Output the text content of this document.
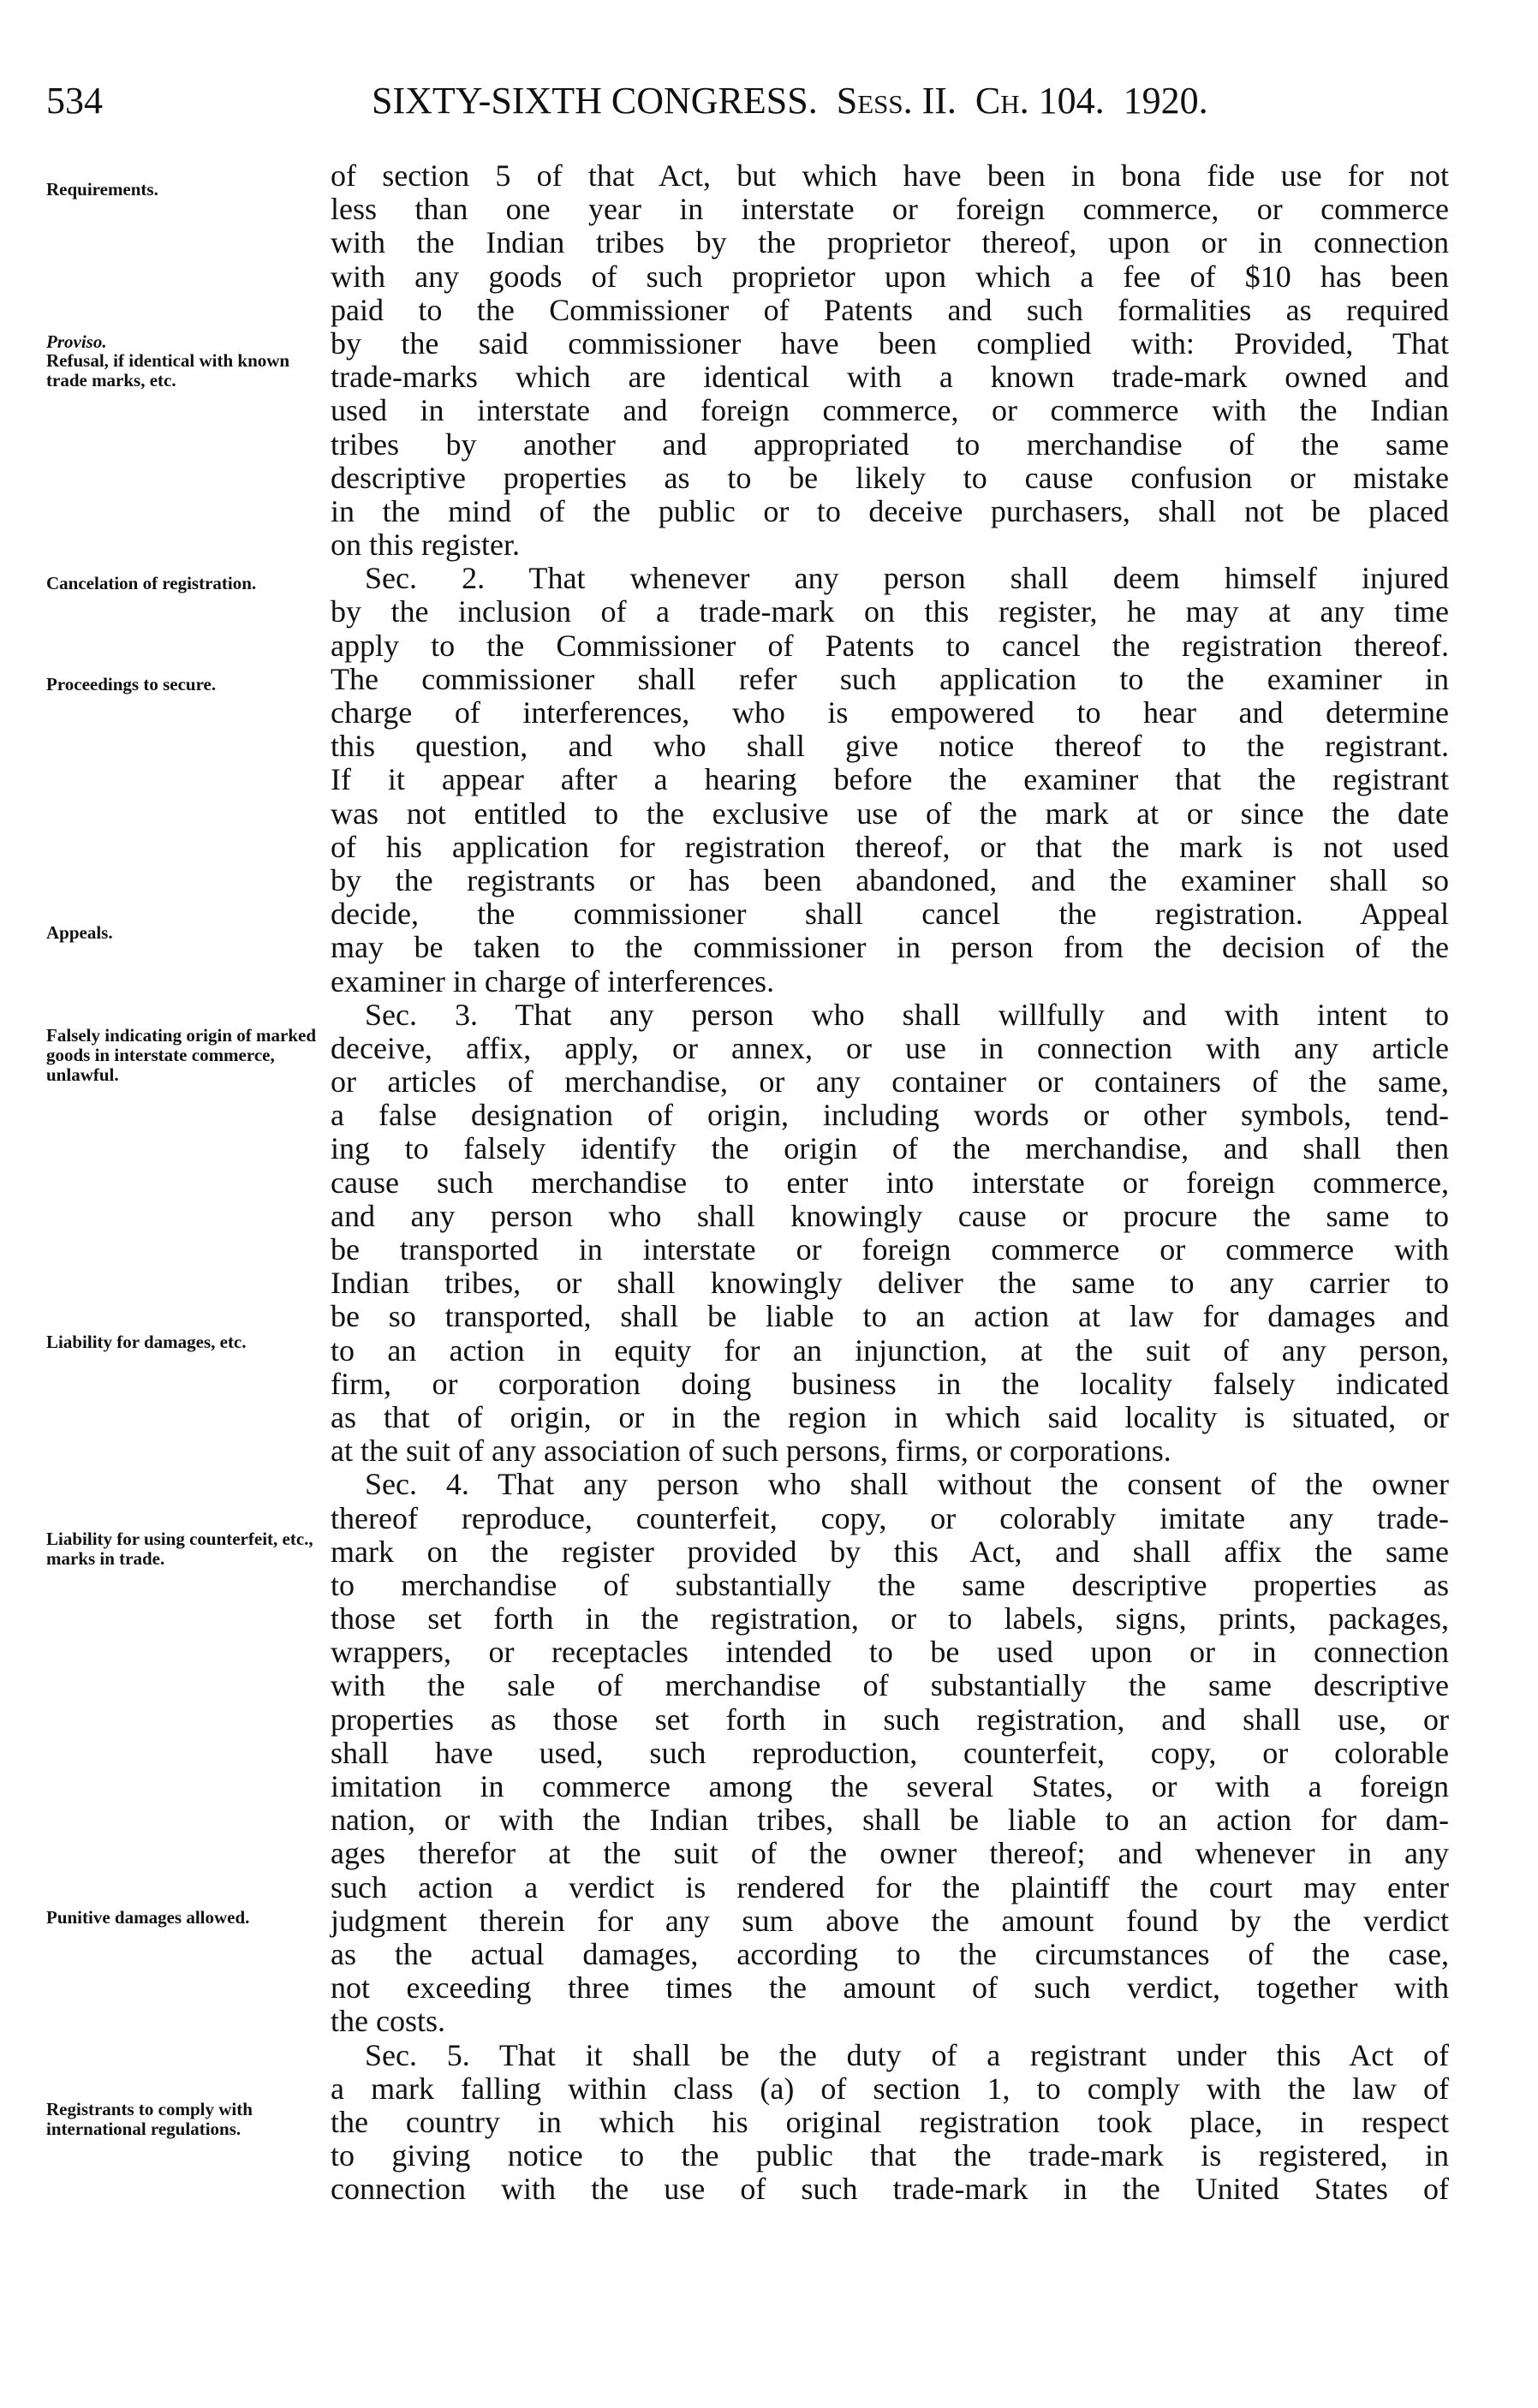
534	SIXTY-SIXTH CONGRESS. Sess. II. Ch. 104. 1920.
Requirements.
Proviso.
Refusal, if identical with known trade marks, etc.
Cancelation of registration.
Proceedings to secure.
Appeals.
Falsely indicating origin of marked goods in interstate commerce, unlawful.
Liability for damages, etc.
Liability for using counterfeit, etc., marks in trade.
Punitive damages allowed.
Registrants to comply with international regulations.
of section 5 of that Act, but which have been in bona fide use for not
less than one year in interstate or foreign commerce, or commerce
with the Indian tribes by the proprietor thereof, upon or in connection
with any goods of such proprietor upon which a fee of $10 has been
paid to the Commissioner of Patents and such formalities as required
by the said commissioner have been complied with: Provided, That
trade-marks which are identical with a known trade-mark owned and
used in interstate and foreign commerce, or commerce with the Indian
tribes by another and appropriated to merchandise of the same
descriptive properties as to be likely to cause confusion or mistake
in the mind of the public or to deceive purchasers, shall not be placed
on this register.
Sec. 2. That whenever any person shall deem himself injured
by the inclusion of a trade-mark on this register, he may at any time
apply to the Commissioner of Patents to cancel the registration thereof.
The commissioner shall refer such application to the examiner in
charge of interferences, who is empowered to hear and determine
this question, and who shall give notice thereof to the registrant.
If it appear after a hearing before the examiner that the registrant
was not entitled to the exclusive use of the mark at or since the date
of his application for registration thereof, or that the mark is not used
by the registrants or has been abandoned, and the examiner shall so
decide, the commissioner shall cancel the registration. Appeal
may be taken to the commissioner in person from the decision of the
examiner in charge of interferences.
Sec. 3. That any person who shall willfully and with intent to
deceive, affix, apply, or annex, or use in connection with any article
or articles of merchandise, or any container or containers of the same,
a false designation of origin, including words or other symbols, tend-
ing to falsely identify the origin of the merchandise, and shall then
cause such merchandise to enter into interstate or foreign commerce,
and any person who shall knowingly cause or procure the same to
be transported in interstate or foreign commerce or commerce with
Indian tribes, or shall knowingly deliver the same to any carrier to
be so transported, shall be liable to an action at law for damages and
to an action in equity for an injunction, at the suit of any person,
firm, or corporation doing business in the locality falsely indicated
as that of origin, or in the region in which said locality is situated, or
at the suit of any association of such persons, firms, or corporations.
Sec. 4. That any person who shall without the consent of the owner
thereof reproduce, counterfeit, copy, or colorably imitate any trade-
mark on the register provided by this Act, and shall affix the same
to merchandise of substantially the same descriptive properties as
those set forth in the registration, or to labels, signs, prints, packages,
wrappers, or receptacles intended to be used upon or in connection
with the sale of merchandise of substantially the same descriptive
properties as those set forth in such registration, and shall use, or
shall have used, such reproduction, counterfeit, copy, or colorable
imitation in commerce among the several States, or with a foreign
nation, or with the Indian tribes, shall be liable to an action for dam-
ages therefor at the suit of the owner thereof; and whenever in any
such action a verdict is rendered for the plaintiff the court may enter
judgment therein for any sum above the amount found by the verdict
as the actual damages, according to the circumstances of the case,
not exceeding three times the amount of such verdict, together with
the costs.
Sec. 5. That it shall be the duty of a registrant under this Act of
a mark falling within class (a) of section 1, to comply with the law of
the country in which his original registration took place, in respect
to giving notice to the public that the trade-mark is registered, in
connection with the use of such trade-mark in the United States of
